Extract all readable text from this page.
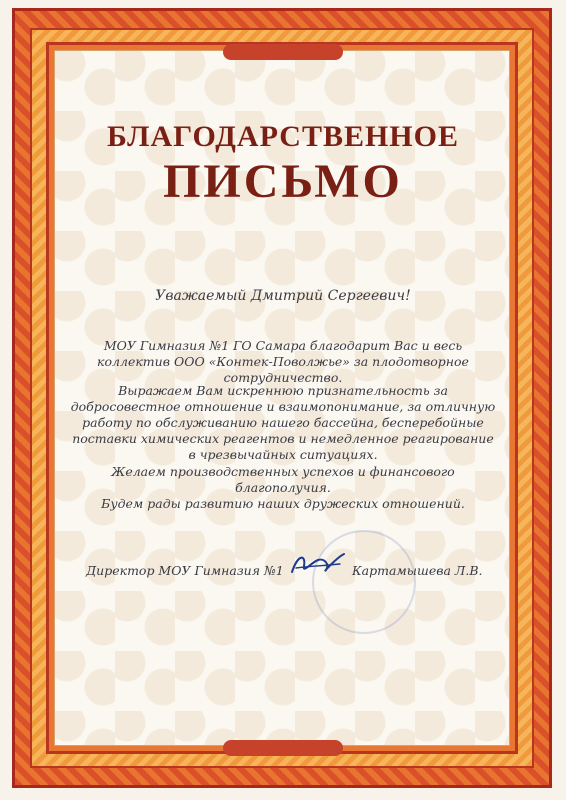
БЛАГОДАРСТВЕННОЕ
ПИСЬМО
Уважаемый Дмитрий Сергеевич!
МОУ Гимназия №1 ГО Самара благодарит Вас и весь коллектив ООО «Контек-Поволжье» за плодотворное сотрудничество.
Выражаем Вам искреннюю признательность за добросовестное отношение и взаимопонимание, за отличную работу по обслуживанию нашего бассейна, бесперебойные поставки химических реагентов и немедленное реагирование в чрезвычайных ситуациях.
Желаем производственных успехов и финансового благополучия.
Будем рады развитию наших дружеских отношений.
Директор МОУ Гимназия №1	Картамышева Л.В.
